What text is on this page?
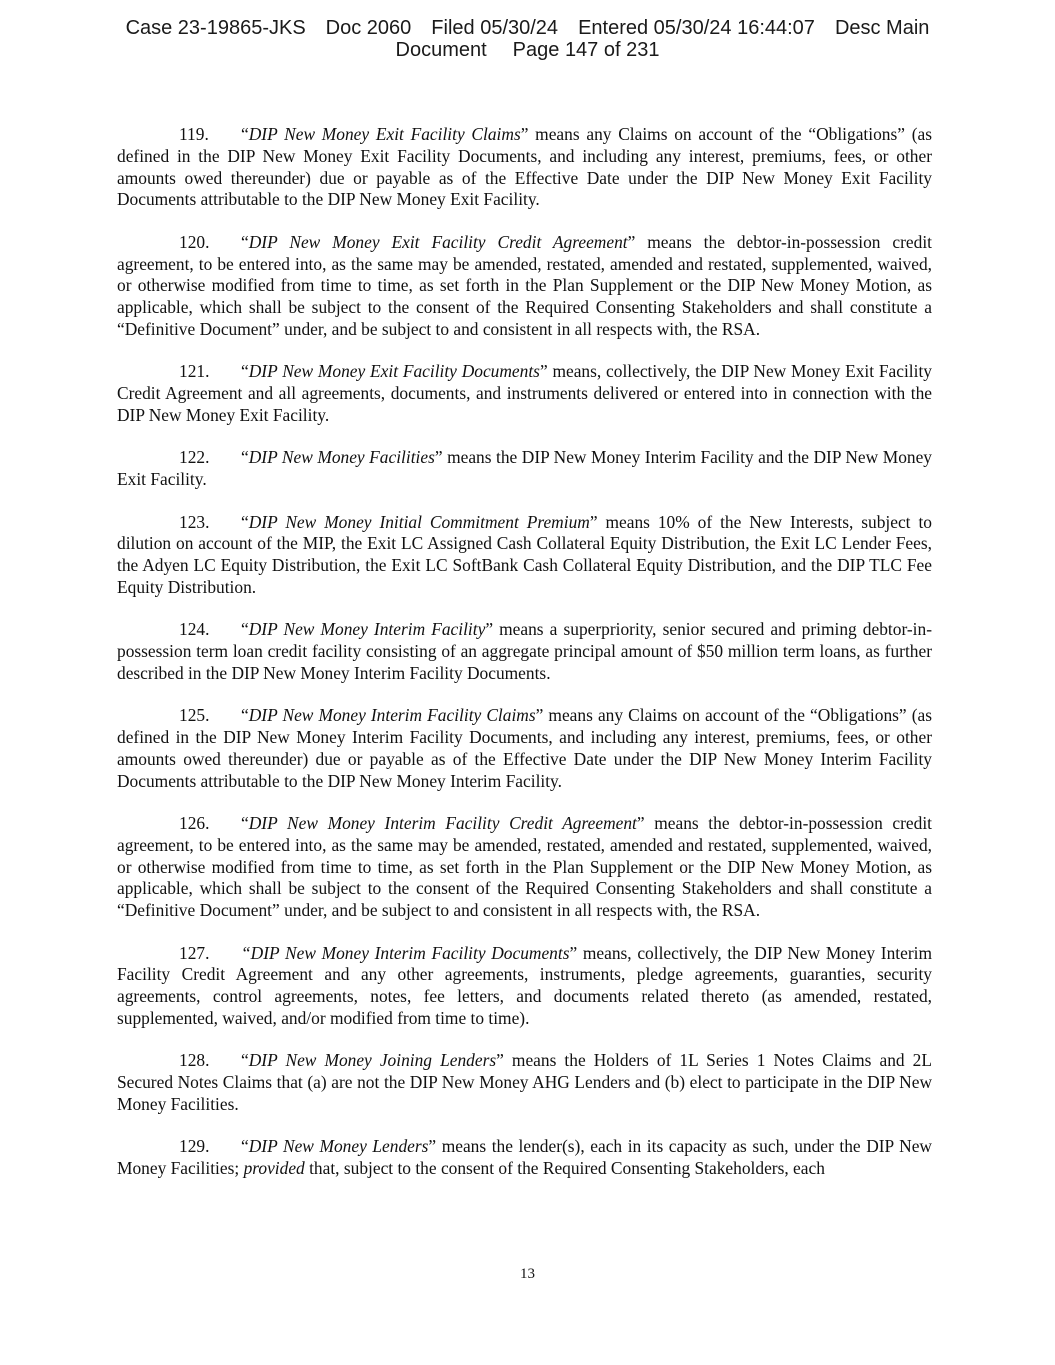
Case 23-19865-JKS Doc 2060 Filed 05/30/24 Entered 05/30/24 16:44:07 Desc Main
Document Page 147 of 231

119. “DIP New Money Exit Facility Claims” means any Claims on account of the “Obligations” (as defined in the DIP New Money Exit Facility Documents, and including any interest, premiums, fees, or other amounts owed thereunder) due or payable as of the Effective Date under the DIP New Money Exit Facility Documents attributable to the DIP New Money Exit Facility.

120. “DIP New Money Exit Facility Credit Agreement” means the debtor-in-possession credit agreement, to be entered into, as the same may be amended, restated, amended and restated, supplemented, waived, or otherwise modified from time to time, as set forth in the Plan Supplement or the DIP New Money Motion, as applicable, which shall be subject to the consent of the Required Consenting Stakeholders and shall constitute a “Definitive Document” under, and be subject to and consistent in all respects with, the RSA.

121. “DIP New Money Exit Facility Documents” means, collectively, the DIP New Money Exit Facility Credit Agreement and all agreements, documents, and instruments delivered or entered into in connection with the DIP New Money Exit Facility.

122. “DIP New Money Facilities” means the DIP New Money Interim Facility and the DIP New Money Exit Facility.

123. “DIP New Money Initial Commitment Premium” means 10% of the New Interests, subject to dilution on account of the MIP, the Exit LC Assigned Cash Collateral Equity Distribution, the Exit LC Lender Fees, the Adyen LC Equity Distribution, the Exit LC SoftBank Cash Collateral Equity Distribution, and the DIP TLC Fee Equity Distribution.

124. “DIP New Money Interim Facility” means a superpriority, senior secured and priming debtor-in-possession term loan credit facility consisting of an aggregate principal amount of $50 million term loans, as further described in the DIP New Money Interim Facility Documents.

125. “DIP New Money Interim Facility Claims” means any Claims on account of the “Obligations” (as defined in the DIP New Money Interim Facility Documents, and including any interest, premiums, fees, or other amounts owed thereunder) due or payable as of the Effective Date under the DIP New Money Interim Facility Documents attributable to the DIP New Money Interim Facility.

126. “DIP New Money Interim Facility Credit Agreement” means the debtor-in-possession credit agreement, to be entered into, as the same may be amended, restated, amended and restated, supplemented, waived, or otherwise modified from time to time, as set forth in the Plan Supplement or the DIP New Money Motion, as applicable, which shall be subject to the consent of the Required Consenting Stakeholders and shall constitute a “Definitive Document” under, and be subject to and consistent in all respects with, the RSA.

127. “DIP New Money Interim Facility Documents” means, collectively, the DIP New Money Interim Facility Credit Agreement and any other agreements, instruments, pledge agreements, guaranties, security agreements, control agreements, notes, fee letters, and documents related thereto (as amended, restated, supplemented, waived, and/or modified from time to time).

128. “DIP New Money Joining Lenders” means the Holders of 1L Series 1 Notes Claims and 2L Secured Notes Claims that (a) are not the DIP New Money AHG Lenders and (b) elect to participate in the DIP New Money Facilities.

129. “DIP New Money Lenders” means the lender(s), each in its capacity as such, under the DIP New Money Facilities; provided that, subject to the consent of the Required Consenting Stakeholders, each

13
